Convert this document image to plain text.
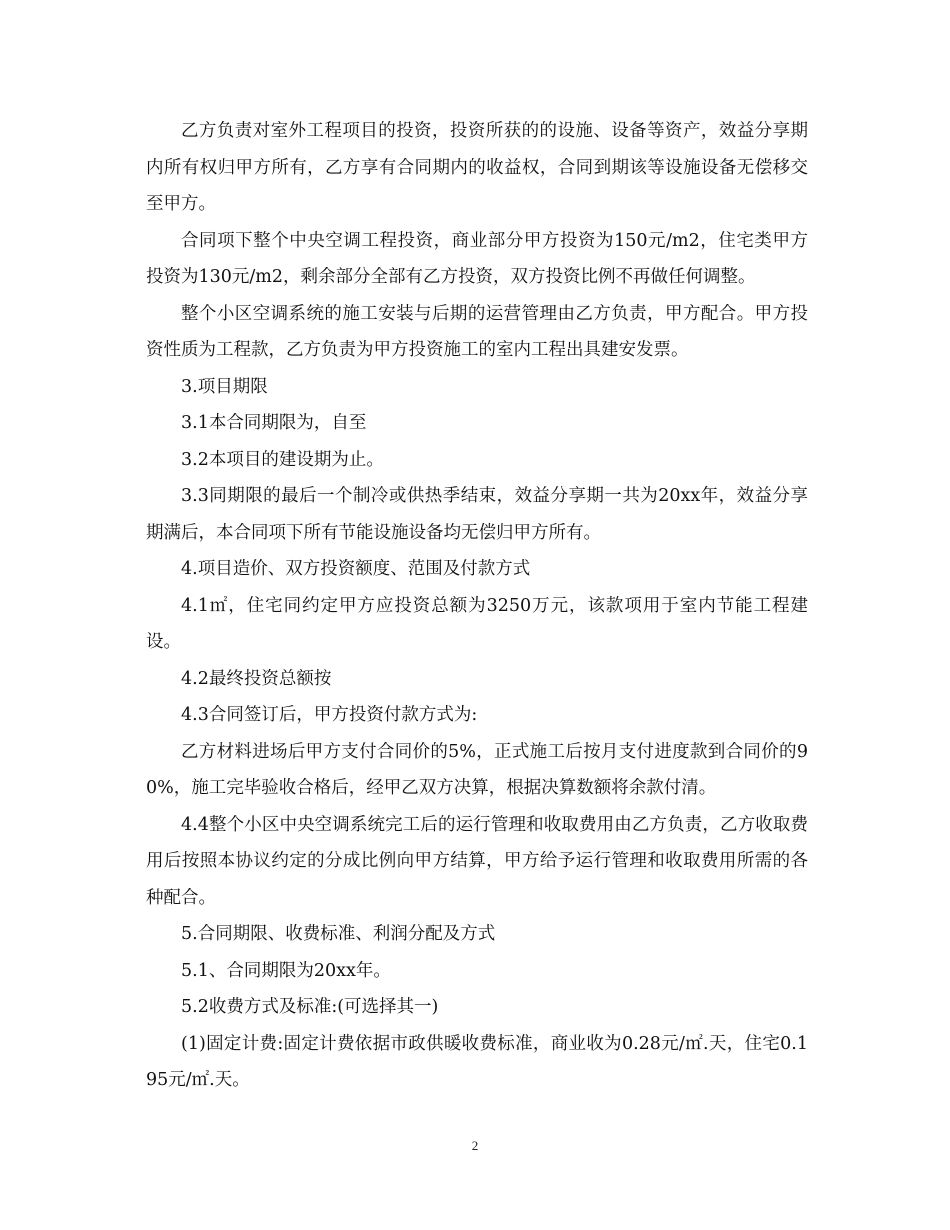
乙方负责对室外工程项目的投资，投资所获的的设施、设备等资产，效益分享期内所有权归甲方所有，乙方享有合同期内的收益权，合同到期该等设施设备无偿移交至甲方。

合同项下整个中央空调工程投资，商业部分甲方投资为150元/m2，住宅类甲方投资为130元/m2，剩余部分全部有乙方投资，双方投资比例不再做任何调整。

整个小区空调系统的施工安装与后期的运营管理由乙方负责，甲方配合。甲方投资性质为工程款，乙方负责为甲方投资施工的室内工程出具建安发票。

3.项目期限

3.1本合同期限为，自至

3.2本项目的建设期为止。

3.3同期限的最后一个制冷或供热季结束，效益分享期一共为20xx年，效益分享期满后，本合同项下所有节能设施设备均无偿归甲方所有。

4.项目造价、双方投资额度、范围及付款方式

4.1㎡，住宅同约定甲方应投资总额为3250万元，该款项用于室内节能工程建设。

4.2最终投资总额按

4.3合同签订后，甲方投资付款方式为:

乙方材料进场后甲方支付合同价的5%，正式施工后按月支付进度款到合同价的90%，施工完毕验收合格后，经甲乙双方决算，根据决算数额将余款付清。

4.4整个小区中央空调系统完工后的运行管理和收取费用由乙方负责，乙方收取费用后按照本协议约定的分成比例向甲方结算，甲方给予运行管理和收取费用所需的各种配合。

5.合同期限、收费标准、利润分配及方式

5.1、合同期限为20xx年。

5.2收费方式及标准:(可选择其一)

(1)固定计费:固定计费依据市政供暖收费标准，商业收为0.28元/㎡.天，住宅0.195元/㎡.天。

2
